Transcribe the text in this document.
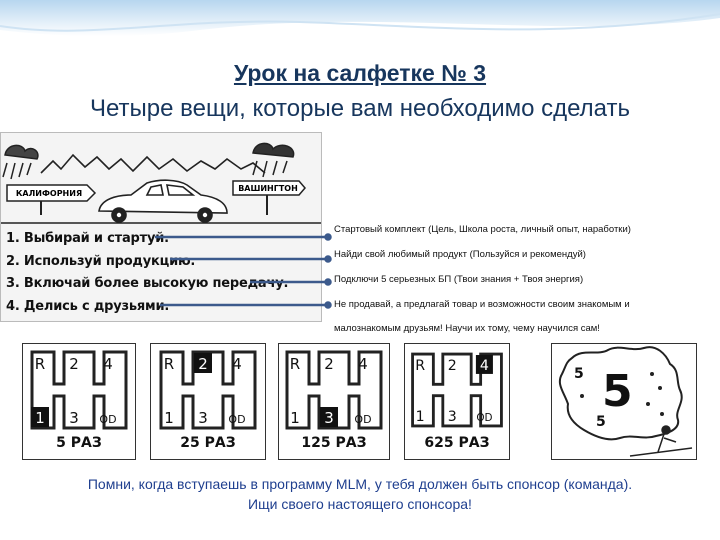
Урок на салфетке № 3
Четыре вещи, которые вам необходимо сделать
КАЛИФОРНИЯ
ВАШИНГТОН
1. Выбирай и стартуй.
2. Используй продукцию.
3. Включай более высокую передачу.
4. Делись с друзьями.
Стартовый комплект (Цель, Школа роста, личный опыт, наработки)
Найди свой любимый продукт (Пользуйся и рекомендуй)
Подключи 5 серьезных БП (Твои знания + Твоя энергия)
Не продавай, а предлагай товар и возможности своим знакомым и
малознакомым друзьям! Научи их тому, чему научился сам!
R 2 4
1 3 OD
5 РАЗ
R 2 4
1 3 OD
25 РАЗ
R 2 4
1 3 OD
125 РАЗ
R 2 4
1 3 OD
625 РАЗ
5
5
5
Помни, когда вступаешь в программу MLM, у тебя должен быть спонсор (команда).
Ищи своего настоящего спонсора!
